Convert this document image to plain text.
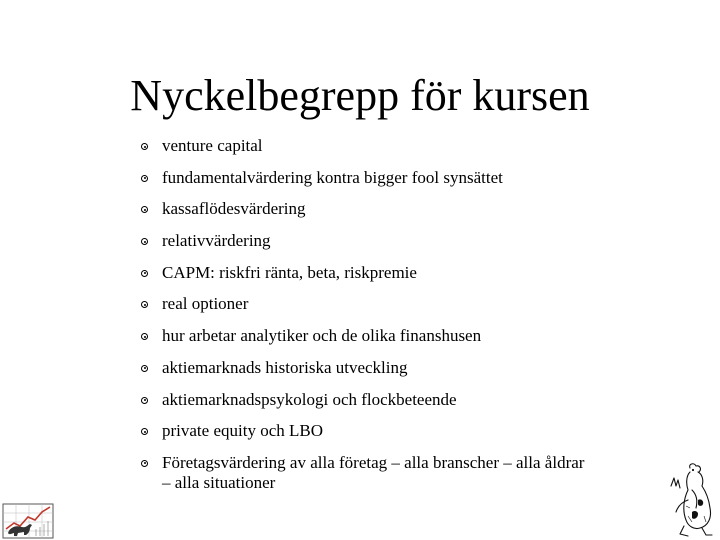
Nyckelbegrepp för kursen
venture capital
fundamentalvärdering kontra bigger fool synsättet
kassaflödesvärdering
relativvärdering
CAPM: riskfri ränta, beta, riskpremie
real optioner
hur arbetar analytiker och de olika finanshusen
aktiemarknads historiska utveckling
aktiemarknadspsykologi och flockbeteende
private equity och LBO
Företagsvärdering av alla företag – alla branscher – alla åldrar – alla situationer
